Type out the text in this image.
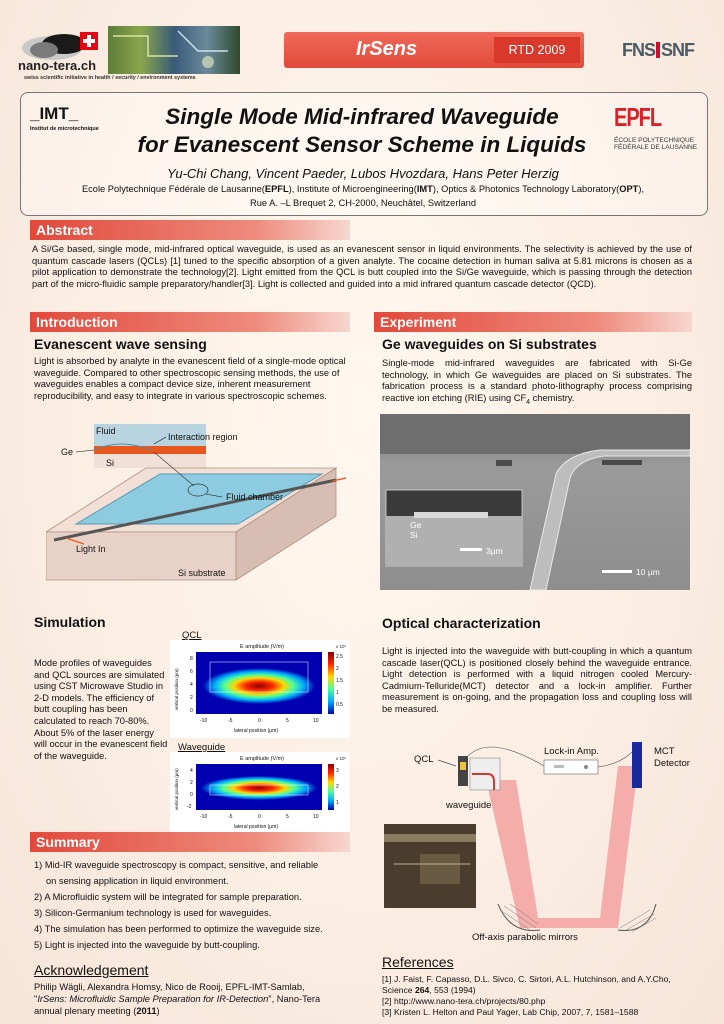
nano-tera.ch
swiss scientific initiative in health / security / environment systems
IrSens	RTD 2009	FNS SNF
_IMT_
Institut de microtechnique	Single Mode Mid-infrared Waveguide
for Evanescent Sensor Scheme in Liquids
EPFL
ÉCOLE POLYTECHNIQUE
FÉDÉRALE DE LAUSANNE
Yu-Chi Chang, Vincent Paeder, Lubos Hvozdara, Hans Peter Herzig
Ecole Polytechnique Fédérale de Lausanne(EPFL), Institute of Microengineering(IMT), Optics & Photonics Technology Laboratory(OPT),
Rue A. –L Brequet 2, CH-2000, Neuchâtel, Switzerland
Abstract
A Si/Ge based, single mode, mid-infrared optical waveguide, is used as an evanescent sensor in liquid environments. The selectivity is achieved by the use of quantum cascade lasers (QCLs) [1] tuned to the specific absorption of a given analyte. The cocaine detection in human saliva at 5.81 microns is chosen as a pilot application to demonstrate the technology[2]. Light emitted from the QCL is butt coupled into the Si/Ge waveguide, which is passing through the detection part of the micro-fluidic sample preparatory/handler[3]. Light is collected and guided into a mid infrared quantum cascade detector (QCD).
Introduction
Evanescent wave sensing
Light is absorbed by analyte in the evanescent field of a single-mode optical waveguide. Compared to other spectroscopic sensing methods, the use of waveguides enables a compact device size, inherent measurement reproducibility, and easy to integrate in various spectroscopic schemes.
Fluid
Interaction region
Ge
Si
Fluid chamber
Light In
Si substrate
Simulation
Mode profiles of waveguides and QCL sources are simulated using CST Microwave Studio in 2-D models. The efficiency of butt coupling has been calculated to reach 70-80%. About 5% of the laser energy will occur in the evanescent field of the waveguide.
QCL
Waveguide
E amplitude (V/m)	x 10⁷
2.5
2
1.5
1
0.5
8
6
4
2
0
-10	-5	0	5	10
lateral position (μm)
vertical position (μm)
E amplitude (V/m)	x 10⁷
3
2
1
4
2
0
-2
-10	-5	0	5	10
lateral position (μm)
vertical position (μm)
Summary
1) Mid-IR waveguide spectroscopy is compact, sensitive, and reliable
on sensing application in liquid environment.
2) A Microfluidic system will be integrated for sample preparation.
3) Silicon-Germanium technology is used for waveguides.
4) The simulation has been performed to optimize the waveguide size.
5) Light is injected into the waveguide by butt-coupling.
Acknowledgement
Philip Wägli, Alexandra Homsy, Nico de Rooij, EPFL-IMT-Samlab,
"IrSens: Microfluidic Sample Preparation for IR-Detection", Nano-Tera
annual plenary meeting (2011)
Experiment
Ge waveguides on Si substrates
Single-mode mid-infrared waveguides are fabricated with Si-Ge technology, in which Ge waveguides are placed on Si substrates. The fabrication process is a standard photo-lithography process comprising reactive ion etching (RIE) using $CF_4$ chemistry.
Ge
Si
3μm
10 μm
Optical characterization
Light is injected into the waveguide with butt-coupling in which a quantum cascade laser(QCL) is positioned closely behind the waveguide entrance. Light detection is performed with a liquid nitrogen cooled Mercury-Cadmium-Telluride(MCT) detector and a lock-in amplifier. Further measurement is on-going, and the propagation loss and coupling loss will be measured.
QCL
waveguide
Lock-in Amp.	MCT
Detector
Off-axis parabolic mirrors
References
[1] J. Faist, F. Capasso, D.L. Sivco, C. Sirtori, A.L. Hutchinson, and A.Y.Cho,
Science 264, 553 (1994)
[2] http://www.nano-tera.ch/projects/80.php
[3] Kristen L. Helton and Paul Yager, Lab Chip, 2007, 7, 1581–1588
